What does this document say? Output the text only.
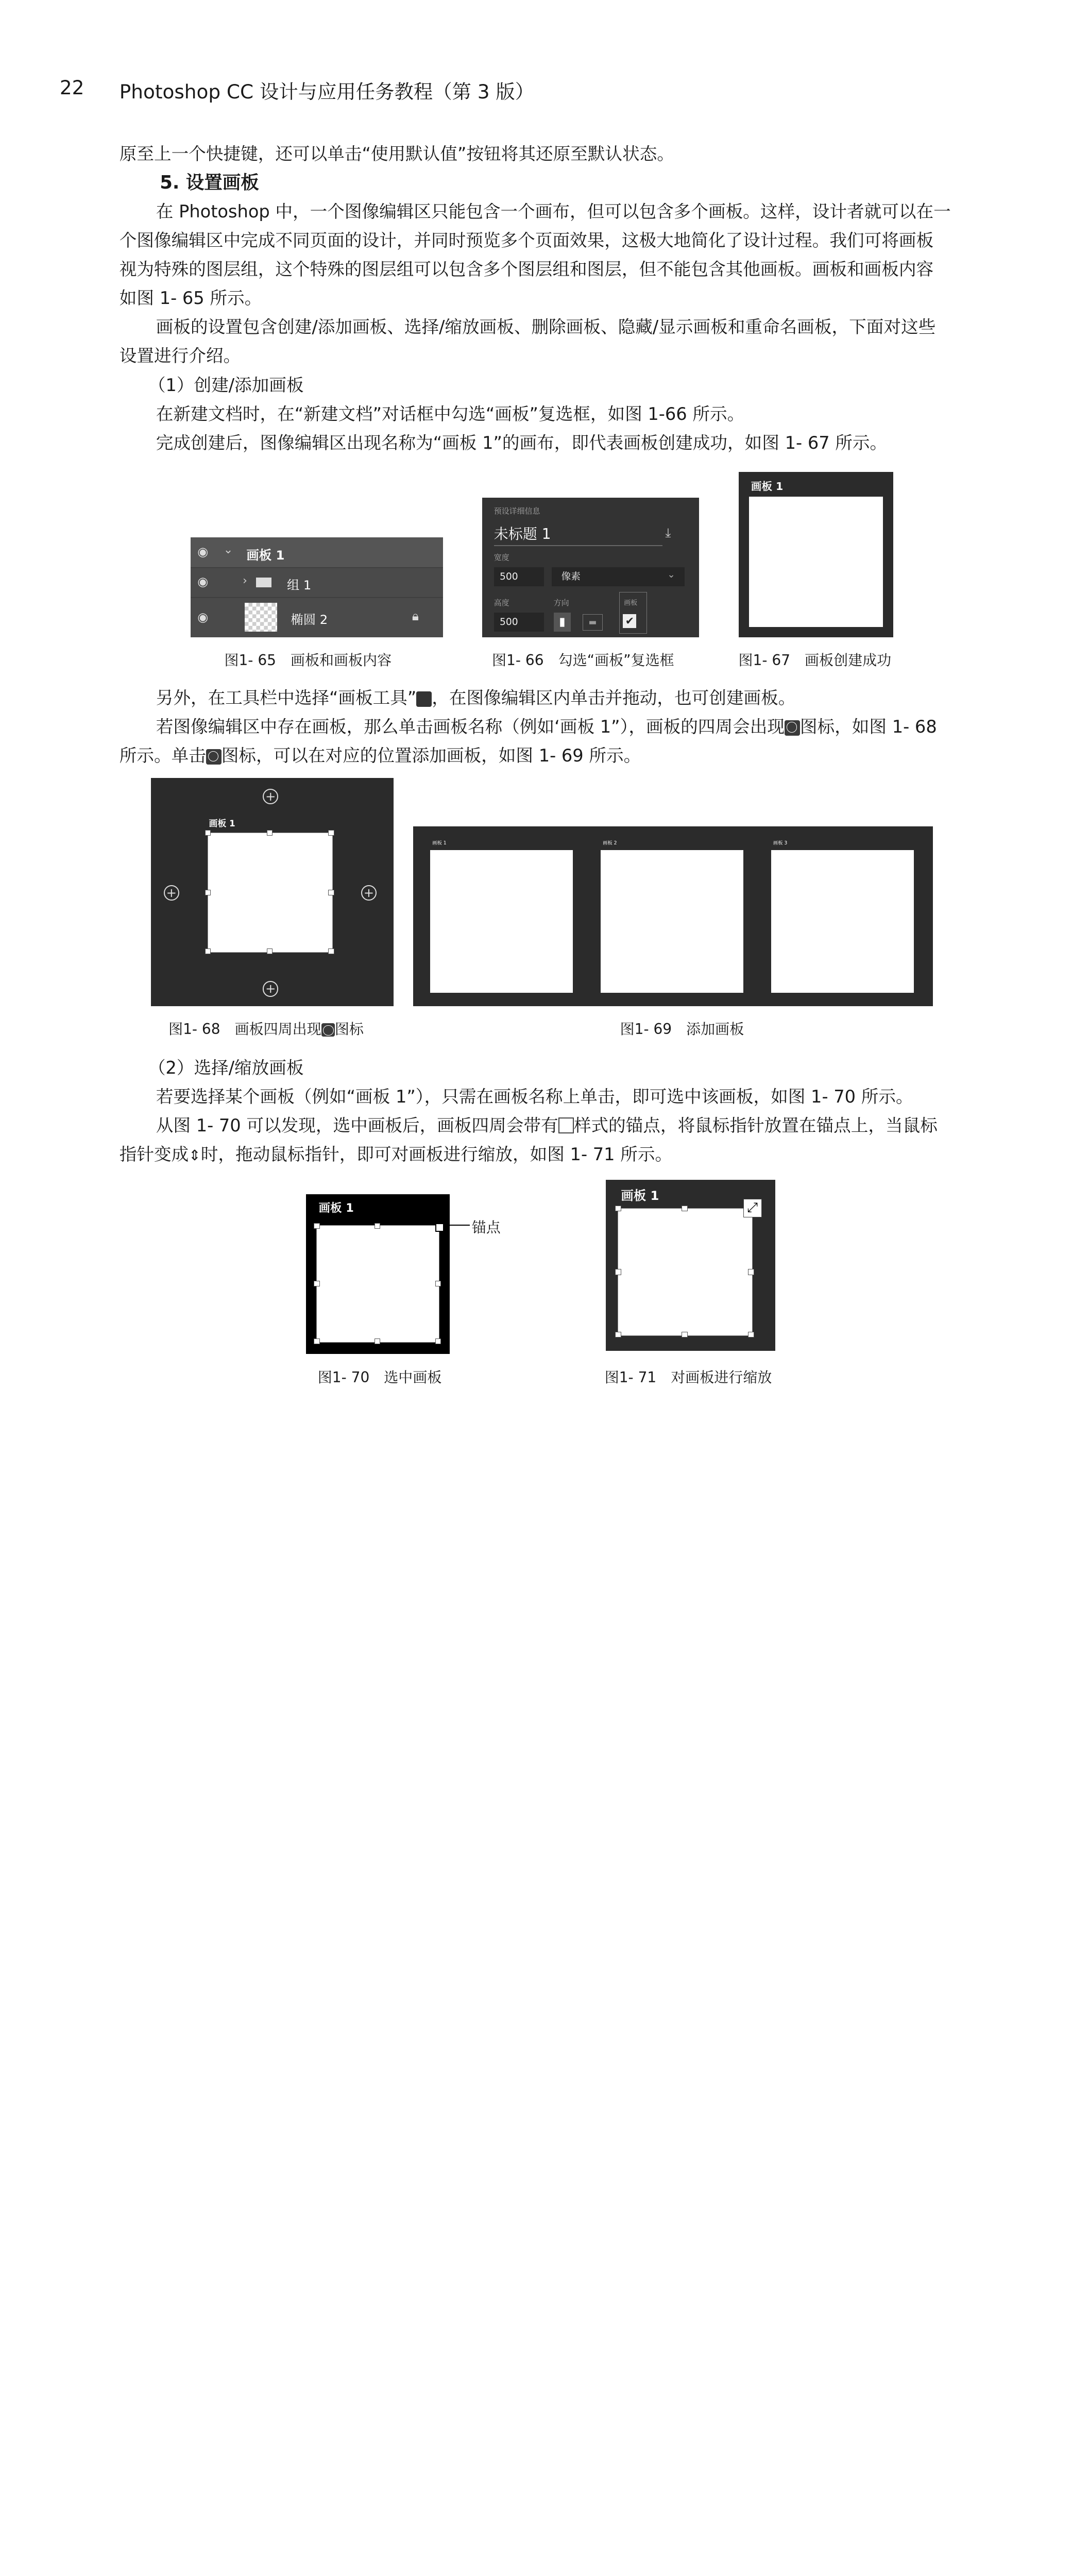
22	Photoshop CC 设计与应用任务教程（第 3 版）
原至上一个快捷键，还可以单击“使用默认值”按钮将其还原至默认状态。
5. 设置画板
在 Photoshop 中，一个图像编辑区只能包含一个画布，但可以包含多个画板。这样，设计者就可以在一
个图像编辑区中完成不同页面的设计，并同时预览多个页面效果，这极大地简化了设计过程。我们可将画板
视为特殊的图层组，这个特殊的图层组可以包含多个图层组和图层，但不能包含其他画板。画板和画板内容
如图 1- 65 所示。
画板的设置包含创建/添加画板、选择/缩放画板、删除画板、隐藏/显示画板和重命名画板，下面对这些
设置进行介绍。
（1）创建/添加画板
在新建文档时，在“新建文档”对话框中勾选“画板”复选框，如图 1-66 所示。
完成创建后，图像编辑区出现名称为“画板 1”的画布，即代表画板创建成功，如图 1- 67 所示。
◉ ⌄ 画板 1
◉	›	组 1
◉	椭圆 2	🔒︎
图1- 65　画板和画板内容
预设详细信息
未标题 1	⤓
宽度
500	像素	⌄
高度	方向	画板
500	▮	▬	✔
图1- 66　勾选“画板”复选框
画板 1
图1- 67　画板创建成功
另外，在工具栏中选择“画板工具” ，在图像编辑区内单击并拖动，也可创建画板。
若图像编辑区中存在画板，那么单击画板名称（例如‘画板 1”），画板的四周会出现 图标，如图 1- 68
所示。单击 图标，可以在对应的位置添加画板，如图 1- 69 所示。
+
+	+
+
画板 1
图1- 68　画板四周出现 图标
画板 1	画板 2	画板 3
图1- 69　添加画板
（2）选择/缩放画板
若要选择某个画板（例如“画板 1”），只需在画板名称上单击，即可选中该画板，如图 1- 70 所示。
从图 1- 70 可以发现，选中画板后，画板四周会带有 样式的锚点，将鼠标指针放置在锚点上，当鼠标
指针变成⇕时，拖动鼠标指针，即可对画板进行缩放，如图 1- 71 所示。
画板 1
锚点
图1- 70　选中画板
画板 1
⤢
图1- 71　对画板进行缩放
